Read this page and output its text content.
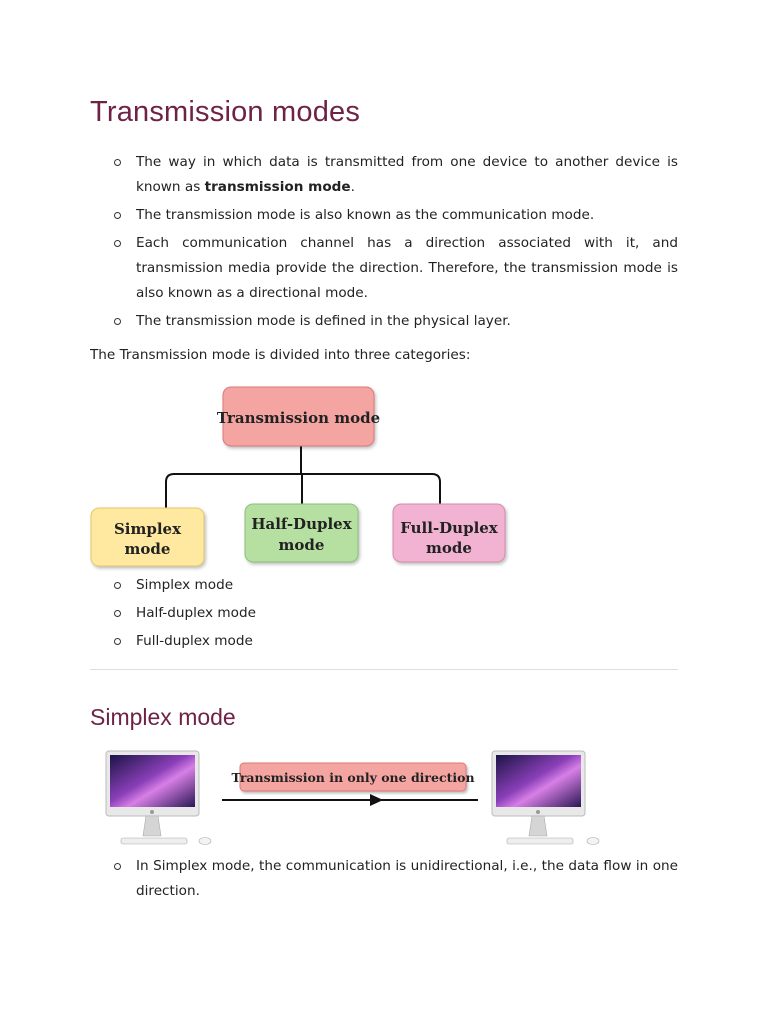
Transmission modes
The way in which data is transmitted from one device to another device is known as transmission mode.
The transmission mode is also known as the communication mode.
Each communication channel has a direction associated with it, and transmission media provide the direction. Therefore, the transmission mode is also known as a directional mode.
The transmission mode is defined in the physical layer.

The Transmission mode is divided into three categories:

Transmission mode
Simplex
mode
Half-Duplex
mode
Full-Duplex
mode
Simplex mode
Half-duplex mode
Full-duplex mode
Simplex mode
Transmission in only one direction
In Simplex mode, the communication is unidirectional, i.e., the data flow in one direction.
